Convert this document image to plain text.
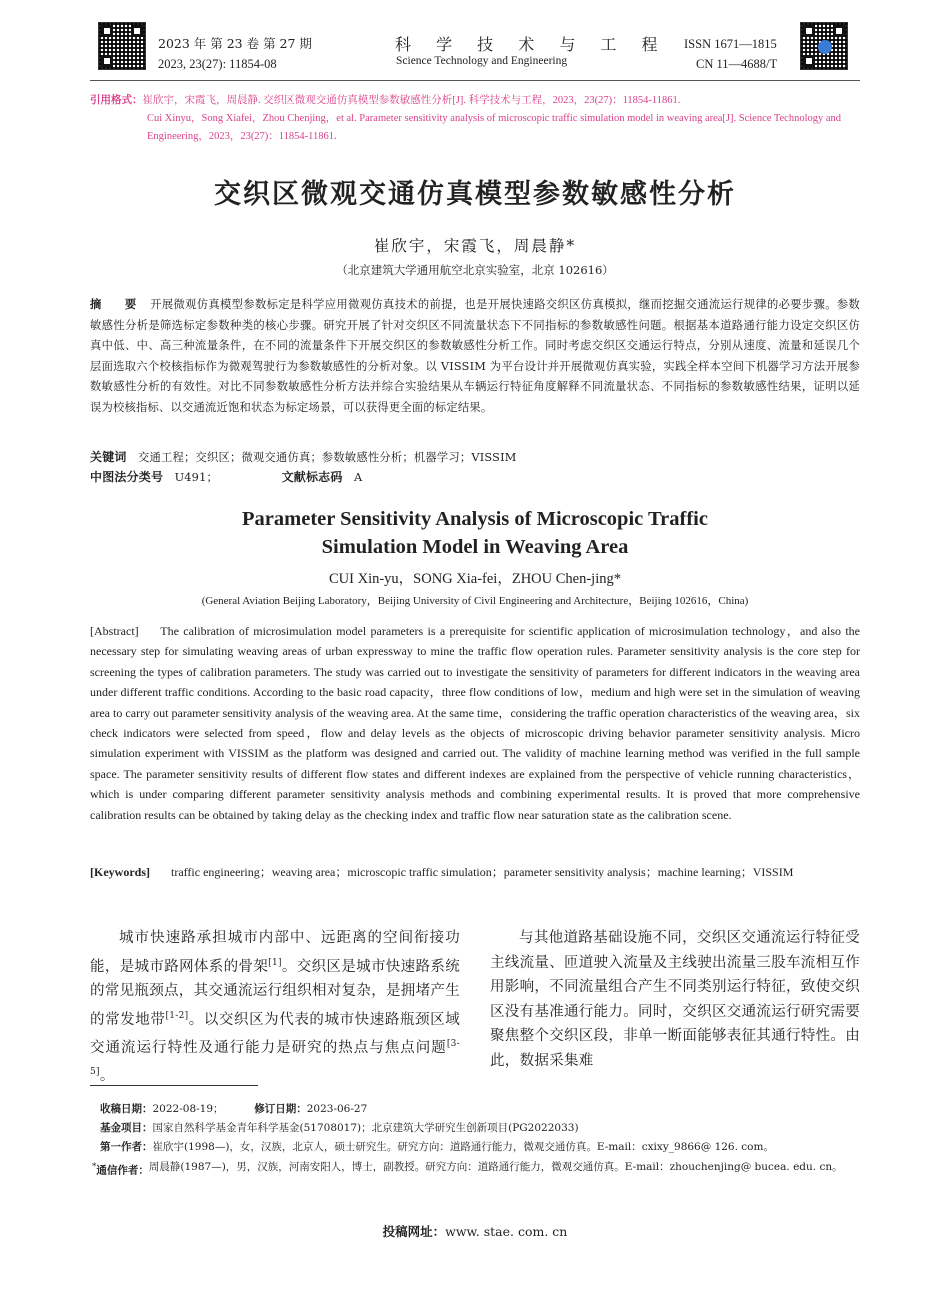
2023 年 第 23 卷 第 27 期
2023, 23(27): 11854-08
科 学 技 术 与 工 程
Science Technology and Engineering
ISSN 1671—1815
CN 11—4688/T
引用格式：崔欣宇，宋霞飞，周晨静. 交织区微观交通仿真模型参数敏感性分析[J]. 科学技术与工程，2023，23(27)：11854-11861.
Cui Xinyu，Song Xiafei，Zhou Chenjing，et al. Parameter sensitivity analysis of microscopic traffic simulation model in weaving area[J]. Science Technology and Engineering，2023，23(27)：11854-11861.
交织区微观交通仿真模型参数敏感性分析
崔欣宇，宋霞飞，周晨静*
（北京建筑大学通用航空北京实验室，北京 102616）
摘　要 开展微观仿真模型参数标定是科学应用微观仿真技术的前提，也是开展快速路交织区仿真模拟，继而挖掘交通流运行规律的必要步骤。参数敏感性分析是筛选标定参数种类的核心步骤。研究开展了针对交织区不同流量状态下不同指标的参数敏感性问题。根据基本道路通行能力设定交织区仿真中低、中、高三种流量条件，在不同的流量条件下开展交织区的参数敏感性分析工作。同时考虑交织区交通运行特点，分别从速度、流量和延误几个层面选取六个校核指标作为微观驾驶行为参数敏感性的分析对象。以 VISSIM 为平台设计并开展微观仿真实验，实践全样本空间下机器学习方法开展参数敏感性分析的有效性。对比不同参数敏感性分析方法并综合实验结果从车辆运行特征角度解释不同流量状态、不同指标的参数敏感性结果，证明以延误为校核指标、以交通流近饱和状态为标定场景，可以获得更全面的标定结果。
关键词 交通工程；交织区；微观交通仿真；参数敏感性分析；机器学习；VISSIM
中图法分类号 U491；	文献标志码 A
Parameter Sensitivity Analysis of Microscopic Traffic
Simulation Model in Weaving Area
CUI Xin-yu，SONG Xia-fei，ZHOU Chen-jing*
(General Aviation Beijing Laboratory，Beijing University of Civil Engineering and Architecture，Beijing 102616，China)
[Abstract] The calibration of microsimulation model parameters is a prerequisite for scientific application of microsimulation technology，and also the necessary step for simulating weaving areas of urban expressway to mine the traffic flow operation rules. Parameter sensitivity analysis is the core step for screening the types of calibration parameters. The study was carried out to investigate the sensitivity of parameters for different indicators in the weaving area under different traffic conditions. According to the basic road capacity，three flow conditions of low，medium and high were set in the simulation of weaving area to carry out parameter sensitivity analysis of the weaving area. At the same time，considering the traffic operation characteristics of the weaving area，six check indicators were selected from speed，flow and delay levels as the objects of microscopic driving behavior parameter sensitivity analysis. Micro simulation experiment with VISSIM as the platform was designed and carried out. The validity of machine learning method was verified in the full sample space. The parameter sensitivity results of different flow states and different indexes are explained from the perspective of vehicle running characteristics，which is under comparing different parameter sensitivity analysis methods and combining experimental results. It is proved that more comprehensive calibration results can be obtained by taking delay as the checking index and traffic flow near saturation state as the calibration scene.
[Keywords] traffic engineering；weaving area；microscopic traffic simulation；parameter sensitivity analysis；machine learning；VISSIM
城市快速路承担城市内部中、远距离的空间衔接功能，是城市路网体系的骨架[1]。交织区是城市快速路系统的常见瓶颈点，其交通流运行组织相对复杂，是拥堵产生的常发地带[1-2]。以交织区为代表的城市快速路瓶颈区域交通流运行特性及通行能力是研究的热点与焦点问题[3-5]。
与其他道路基础设施不同，交织区交通流运行特征受主线流量、匝道驶入流量及主线驶出流量三股车流相互作用影响，不同流量组合产生不同类别运行特征，致使交织区没有基准通行能力。同时，交织区交通流运行研究需要聚焦整个交织区段，非单一断面能够表征其通行特性。由此，数据采集难
收稿日期：2022-08-19；	修订日期：2023-06-27
基金项目：国家自然科学基金青年科学基金(51708017)；北京建筑大学研究生创新项目(PG2022033)
第一作者：崔欣宇(1998—)，女，汉族，北京人，硕士研究生。研究方向：道路通行能力，微观交通仿真。E-mail：cxixy_9866@ 126. com。
*通信作者： 周晨静(1987—)，男，汉族，河南安阳人，博士，副教授。研究方向：道路通行能力，微观交通仿真。E-mail：zhouchenjing@ bucea. edu. cn。
投稿网址：www. stae. com. cn
